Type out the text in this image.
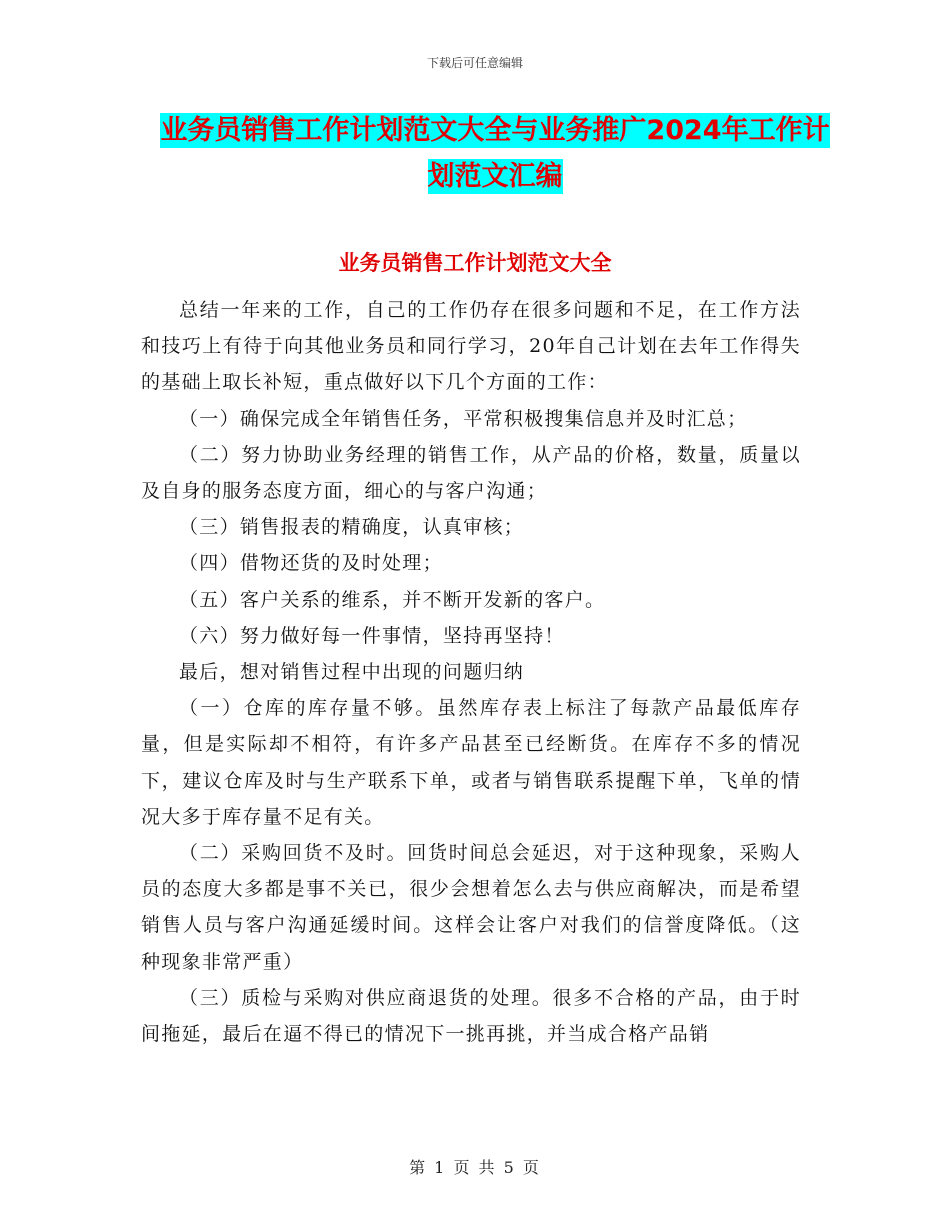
下载后可任意编辑
业务员销售工作计划范文大全与业务推广2024年工作计划范文汇编
业务员销售工作计划范文大全

总结一年来的工作，自己的工作仍存在很多问题和不足，在工作方法和技巧上有待于向其他业务员和同行学习，20年自己计划在去年工作得失的基础上取长补短，重点做好以下几个方面的工作：

（一）确保完成全年销售任务，平常积极搜集信息并及时汇总；

（二）努力协助业务经理的销售工作，从产品的价格，数量，质量以及自身的服务态度方面，细心的与客户沟通；

（三）销售报表的精确度，认真审核；

（四）借物还货的及时处理；

（五）客户关系的维系，并不断开发新的客户。

（六）努力做好每一件事情，坚持再坚持！

最后，想对销售过程中出现的问题归纳

（一）仓库的库存量不够。虽然库存表上标注了每款产品最低库存量，但是实际却不相符，有许多产品甚至已经断货。在库存不多的情况下，建议仓库及时与生产联系下单，或者与销售联系提醒下单，飞单的情况大多于库存量不足有关。

（二）采购回货不及时。回货时间总会延迟，对于这种现象，采购人员的态度大多都是事不关已，很少会想着怎么去与供应商解决，而是希望销售人员与客户沟通延缓时间。这样会让客户对我们的信誉度降低。（这种现象非常严重）

（三）质检与采购对供应商退货的处理。很多不合格的产品，由于时间拖延，最后在逼不得已的情况下一挑再挑，并当成合格产品销

第 1 页 共 5 页
